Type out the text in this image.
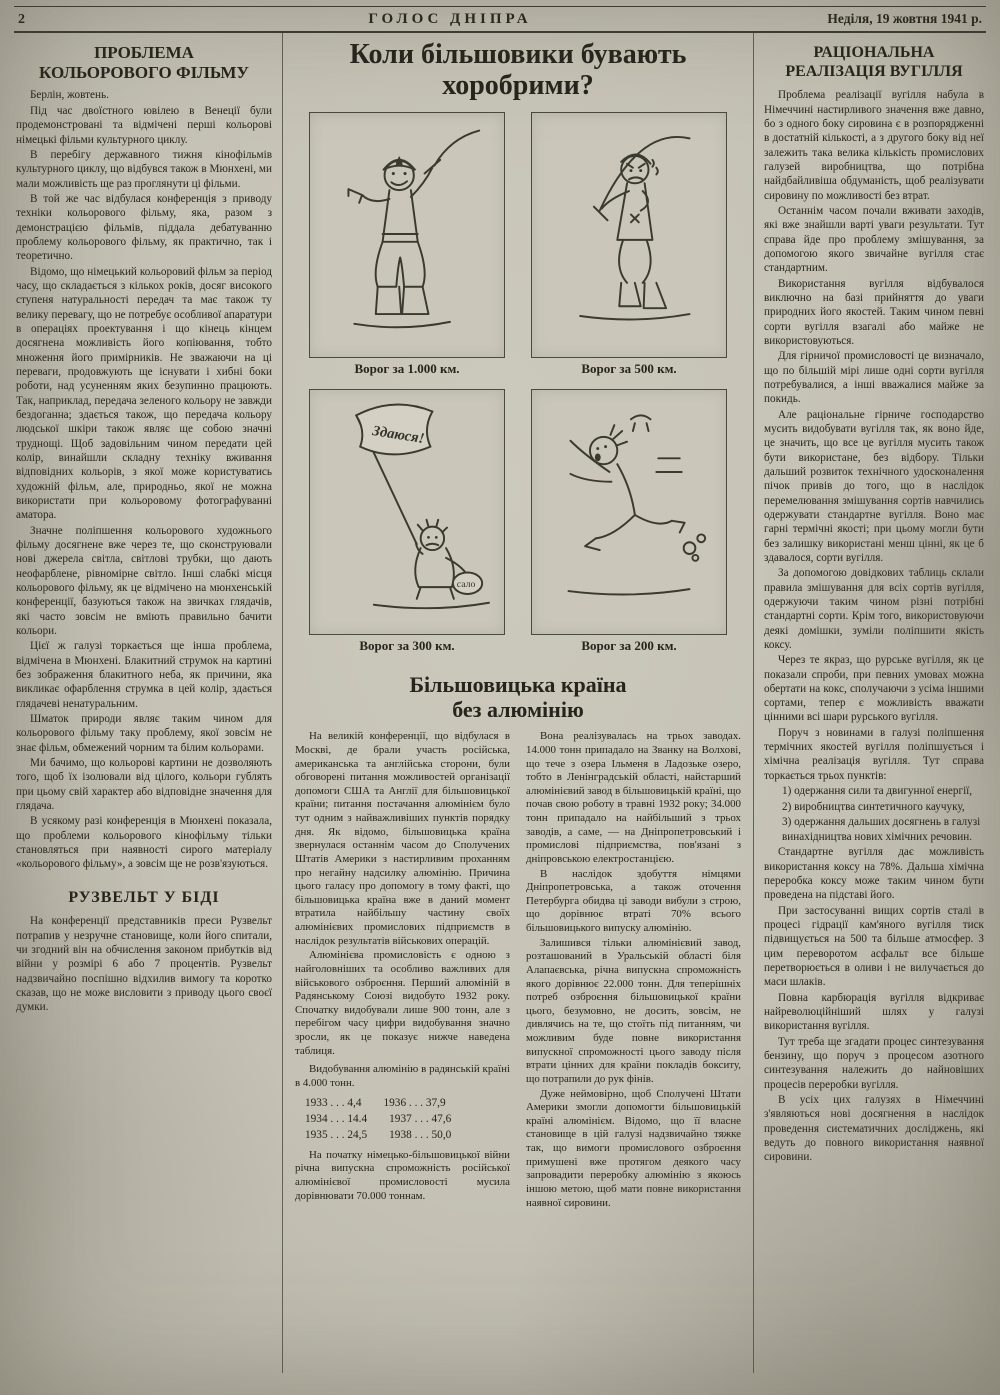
2	ГОЛОС ДНІПРА	Неділя, 19 жовтня 1941 р.
ПРОБЛЕМА
КОЛЬОРОВОГО ФІЛЬМУ

Берлін, жовтень.

Під час двоїстного ювілею в Венеції були продемонстровані та відмічені перші кольорові німецькі фільми культурного циклу.

В перебігу державного тижня кінофільмів культурного циклу, що відбувся також в Мюнхені, ми мали можливість ще раз проглянути ці фільми.

В той же час відбулася конференція з приводу техніки кольорового фільму, яка, разом з демонстрацією фільмів, піддала дебатуванню проблему кольорового фільму, як практично, так і теоретично.

Відомо, що німецький кольоровий фільм за період часу, що складається з кількох років, досяг високого ступеня натуральності передач та має також ту велику перевагу, що не потребує особливої апаратури в операціях проектування і що кінець кінцем досягнена можливість його копіювання, тобто множення його примірників. Не зважаючи на ці переваги, продовжують ще існувати і хибні боки роботи, над усуненням яких безупинно працюють. Так, наприклад, передача зеленого кольору не завжди бездоганна; здається також, що передача кольору людської шкіри також являє ще собою значні труднощі. Щоб задовільним чином передати цей колір, винайшли складну техніку вживання відповідних кольорів, з якої може користуватись художній фільм, але, природньо, якої не можна використати при кольоровому фотографуванні аматора.

Значне поліпшення кольорового художнього фільму досягнене вже через те, що сконструювали нові джерела світла, світлові трубки, що дають неофарблене, рівномірне світло. Інші слабкі місця кольорового фільму, як це відмічено на мюнхенській конференції, базуються також на звичках глядачів, які часто зовсім не вміють правильно бачити кольори.

Цієї ж галузі торкається ще інша проблема, відмічена в Мюнхені. Блакитний струмок на картині без зображення блакитного неба, як причини, яка викликає офарблення струмка в цей колір, здається глядачеві ненатуральним.

Шматок природи являє таким чином для кольорового фільму таку проблему, якої зовсім не знає фільм, обмежений чорним та білим кольорами.

Ми бачимо, що кольорові картини не дозволяють того, щоб їх ізолювали від цілого, кольори гублять при цьому свій характер або відповідне значення для глядача.

В усякому разі конференція в Мюнхені показала, що проблеми кольорового кінофільму тільки становляться при наявності сирого матеріалу «кольорового фільму», а зовсім ще не розв'язуються.

РУЗВЕЛЬТ У БІДІ

На конференції представників преси Рузвельт потрапив у незручне становище, коли його спитали, чи згодний він на обчислення законом прибутків від війни у розмірі 6 або 7 процентів. Рузвельт надзвичайно поспішно відхилив вимогу та коротко сказав, що не може висловити з приводу цього своєї думки.

Коли більшовики бувають
хоробрими?
Ворог за 1.000 км.	Ворог за 500 км.
Здаюся!
сало
Ворог за 300 км.	Ворог за 200 км.
Більшовицька країна
без алюмінію

На великій конференції, що відбулася в Москві, де брали участь російська, американська та англійська сторони, були обговорені питання можливостей організації допомоги США та Англії для більшовицької країни; питання постачання алюмінієм було тут одним з найважливіших пунктів порядку дня. Як відомо, більшовицька країна звернулася останнім часом до Сполучених Штатів Америки з настирливим проханням про негайну надсилку алюмінію. Причина цього галасу про допомогу в тому факті, що більшовицька країна вже в даний момент втратила найбільшу частину своїх алюмінієвих промислових підприємств в наслідок результатів військових операцій.

Алюмінієва промисловість є одною з найголовніших та особливо важливих для військового озброєння. Перший алюміній в Радянському Союзі видобуто 1932 року. Спочатку видобували лише 900 тонн, але з перебігом часу цифри видобування значно зросли, як це показує нижче наведена таблиця.

Видобування алюмінію в радянській країні в 4.000 тонн.

1933 . . . 4,4 1936 . . . 37,9
1934 . . . 14.4 1937 . . . 47,6
1935 . . . 24,5 1938 . . . 50,0

На початку німецько-більшовицької війни річна випускна спроможність російської алюмінієвої промисловості мусила дорівнювати 70.000 тоннам.

Вона реалізувалась на трьох заводах. 14.000 тонн припадало на Званку на Волхові, що тече з озера Ільменя в Ладозьке озеро, тобто в Ленінградській області, найстарший алюмінієвий завод в більшовицькій країні, що почав свою роботу в травні 1932 року; 34.000 тонн припадало на найбільший з трьох заводів, а саме, — на Дніпропетровський і промислові підприємства, пов'язані з дніпровською електростанцією.

В наслідок здобуття німцями Дніпропетровська, а також оточення Петербурга обидва ці заводи вибули з строю, що дорівнює втраті 70% всього більшовицького випуску алюмінію.

Залишився тільки алюмінієвий завод, розташований в Уральській області біля Алапаєвська, річна випускна спроможність якого дорівнює 22.000 тонн. Для теперішніх потреб озброєння більшовицької країни цього, безумовно, не досить, зовсім, не дивлячись на те, що стоїть під питанням, чи можливим буде повне використання випускної спроможності цього заводу після втрати цінних для країни покладів бокситу, що потрапили до рук фінів.

Дуже неймовірно, щоб Сполучені Штати Америки змогли допомогти більшовицькій країні алюмінієм. Відомо, що її власне становище в цій галузі надзвичайно тяжке так, що вимоги промислового озброєння примушені вже протягом деякого часу запровадити переробку алюмінію з якоюсь іншою метою, щоб мати повне використання наявної сировини.

РАЦІОНАЛЬНА
РЕАЛІЗАЦІЯ ВУГІЛЛЯ

Проблема реалізації вугілля набула в Німеччині настирливого значення вже давно, бо з одного боку сировина є в розпорядженні в достатній кількості, а з другого боку від неї залежить така велика кількість промислових галузей виробництва, що потрібна найдбайливіша обдуманість, щоб реалізувати сировину по можливості без втрат.

Останнім часом почали вживати заходів, які вже знайшли варті уваги результати. Тут справа йде про проблему змішування, за допомогою якого звичайне вугілля стає стандартним.

Використання вугілля відбувалося виключно на базі прийняття до уваги природних його якостей. Таким чином певні сорти вугілля взагалі або майже не використовуються.

Для гірничої промисловості це визначало, що по більшій мірі лише одні сорти вугілля потребувалися, а інші вважалися майже за покидь.

Але раціональне гірниче господарство мусить видобувати вугілля так, як воно йде, це значить, що все це вугілля мусить також бути використане, без відбору. Тільки дальший розвиток технічного удосконалення пічок привів до того, що в наслідок перемелювання змішування сортів навчились одержувати стандартне вугілля. Воно має гарні термічні якості; при цьому могли бути без залишку використані менш цінні, як це б здавалося, сорти вугілля.

За допомогою довідкових таблиць склали правила змішування для всіх сортів вугілля, одержуючи таким чином різні потрібні стандартні сорти. Крім того, використовуючи деякі домішки, зуміли поліпшити якість коксу.

Через те якраз, що рурське вугілля, як це показали спроби, при певних умовах можна обертати на кокс, сполучаючи з усіма іншими сортами, тепер є можливість вважати цінними всі шари рурського вугілля.

Поруч з новинами в галузі поліпшення термічних якостей вугілля поліпшується і хімічна реалізація вугілля. Тут справа торкається трьох пунктів:

1) одержання сили та двигунної енергії,

2) виробництва синтетичного каучуку,

3) одержання дальших досягнень в галузі винахідництва нових хімічних речовин.

Стандартне вугілля дає можливість використання коксу на 78%. Дальша хімічна переробка коксу може таким чином бути проведена на підставі його.

При застосуванні вищих сортів сталі в процесі гідрації кам'яного вугілля тиск підвищується на 500 та більше атмосфер. З цим переворотом асфальт все більше перетворюється в оливи і не вилучається до маси шлаків.

Повна карбюрація вугілля відкриває найреволюційніший шлях у галузі використання вугілля.

Тут треба ще згадати процес синтезування бензину, що поруч з процесом азотного синтезування належить до найновіших процесів переробки вугілля.

В усіх цих галузях в Німеччині з'являються нові досягнення в наслідок проведення систематичних досліджень, які ведуть до повного використання наявної сировини.
